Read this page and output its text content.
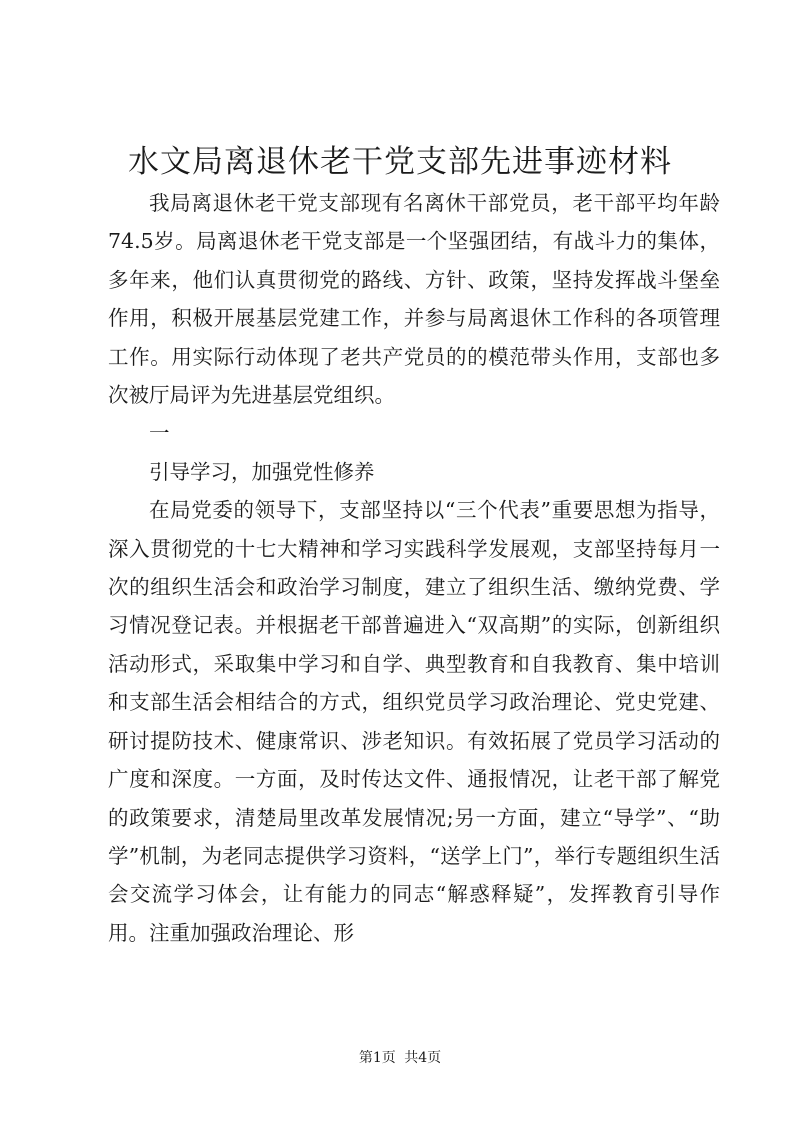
水文局离退休老干党支部先进事迹材料

我局离退休老干党支部现有名离休干部党员，老干部平均年龄74.5岁。局离退休老干党支部是一个坚强团结，有战斗力的集体，多年来，他们认真贯彻党的路线、方针、政策，坚持发挥战斗堡垒作用，积极开展基层党建工作，并参与局离退休工作科的各项管理工作。用实际行动体现了老共产党员的的模范带头作用，支部也多次被厅局评为先进基层党组织。

一

引导学习，加强党性修养

在局党委的领导下，支部坚持以“三个代表”重要思想为指导，深入贯彻党的十七大精神和学习实践科学发展观，支部坚持每月一次的组织生活会和政治学习制度，建立了组织生活、缴纳党费、学习情况登记表。并根据老干部普遍进入“双高期”的实际，创新组织活动形式，采取集中学习和自学、典型教育和自我教育、集中培训和支部生活会相结合的方式，组织党员学习政治理论、党史党建、研讨提防技术、健康常识、涉老知识。有效拓展了党员学习活动的广度和深度。一方面，及时传达文件、通报情况，让老干部了解党的政策要求，清楚局里改革发展情况;另一方面，建立“导学”、“助学”机制，为老同志提供学习资料，“送学上门”，举行专题组织生活会交流学习体会，让有能力的同志“解惑释疑”，发挥教育引导作用。注重加强政治理论、形

第1页 共4页
